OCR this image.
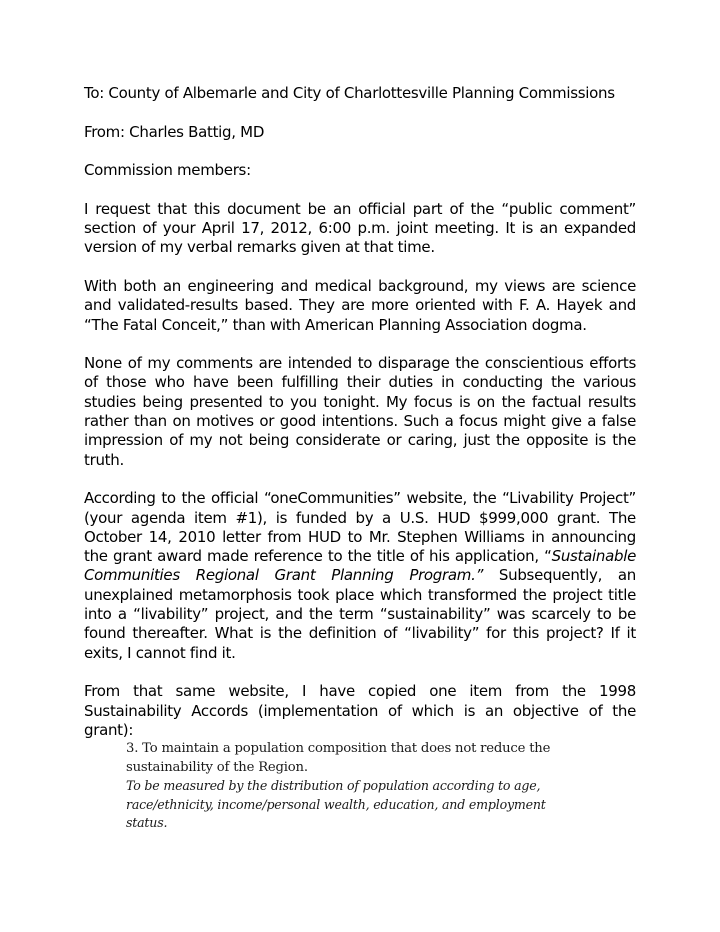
To: County of Albemarle and City of Charlottesville Planning Commissions

From: Charles Battig, MD

Commission members:

I request that this document be an official part of the “public comment” section of your April 17, 2012, 6:00 p.m. joint meeting. It is an expanded version of my verbal remarks given at that time.

With both an engineering and medical background, my views are science and validated-results based. They are more oriented with F. A. Hayek and “The Fatal Conceit,” than with American Planning Association dogma.

None of my comments are intended to disparage the conscientious efforts of those who have been fulfilling their duties in conducting the various studies being presented to you tonight. My focus is on the factual results rather than on motives or good intentions. Such a focus might give a false impression of my not being considerate or caring, just the opposite is the truth.

According to the official “oneCommunities” website, the “Livability Project” (your agenda item #1), is funded by a U.S. HUD $999,000 grant. The October 14, 2010 letter from HUD to Mr. Stephen Williams in announcing the grant award made reference to the title of his application, “Sustainable Communities Regional Grant Planning Program.” Subsequently, an unexplained metamorphosis took place which transformed the project title into a “livability” project, and the term “sustainability” was scarcely to be found thereafter. What is the definition of “livability” for this project? If it exits, I cannot find it.

From that same website, I have copied one item from the 1998 Sustainability Accords (implementation of which is an objective of the grant):

3. To maintain a population composition that does not reduce the sustainability of the Region.

To be measured by the distribution of population according to age, race/ethnicity, income/personal wealth, education, and employment status.
